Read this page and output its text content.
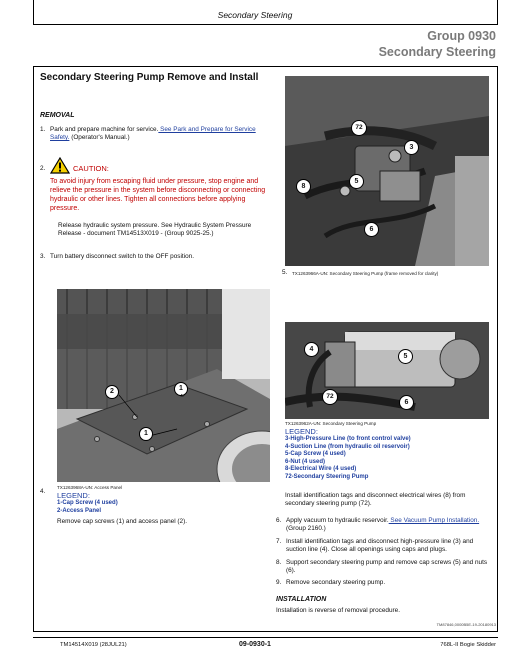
Secondary Steering
Group 0930
Secondary Steering
Secondary Steering Pump Remove and Install
REMOVAL
1. Park and prepare machine for service. See Park and Prepare for Service Safety. (Operator's Manual.)
2.	CAUTION:
To avoid injury from escaping fluid under pressure, stop engine and relieve the pressure in the system before disconnecting or connecting hydraulic or other lines. Tighten all connections before applying pressure.
Release hydraulic system pressure. See Hydraulic System Pressure Release - document TM14513X019 - (Group 9025-25.)
3. Turn battery disconnect switch to the OFF position.
2	1
1
TX1263968A-UN: Access Panel
4. LEGEND:
1-Cap Screw (4 used)
2-Access Panel
Remove cap screws (1) and access panel (2).
72
3
8
5
6
5. TX1263966A-UN: Secondary Steering Pump (frame removed for clarity)
4
5
72
6
TX1263962A-UN: Secondary Steering Pump
LEGEND:
3-High-Pressure Line (to front control valve)
4-Suction Line (from hydraulic oil reservoir)
5-Cap Screw (4 used)
6-Nut (4 used)
8-Electrical Wire (4 used)
72-Secondary Steering Pump
Install identification tags and disconnect electrical wires (8) from secondary steering pump (72).
6. Apply vacuum to hydraulic reservoir. See Vacuum Pump Installation. (Group 2160.)
7. Install identification tags and disconnect high-pressure line (3) and suction line (4). Close all openings using caps and plugs.
8. Support secondary steering pump and remove cap screws (5) and nuts (6).
9. Remove secondary steering pump.
INSTALLATION
Installation is reverse of removal procedure.
TM87846,0000B5E-19-20180913
TM14514X019 (28JUL21)	09-0930-1	768L-II Bogie Skidder
